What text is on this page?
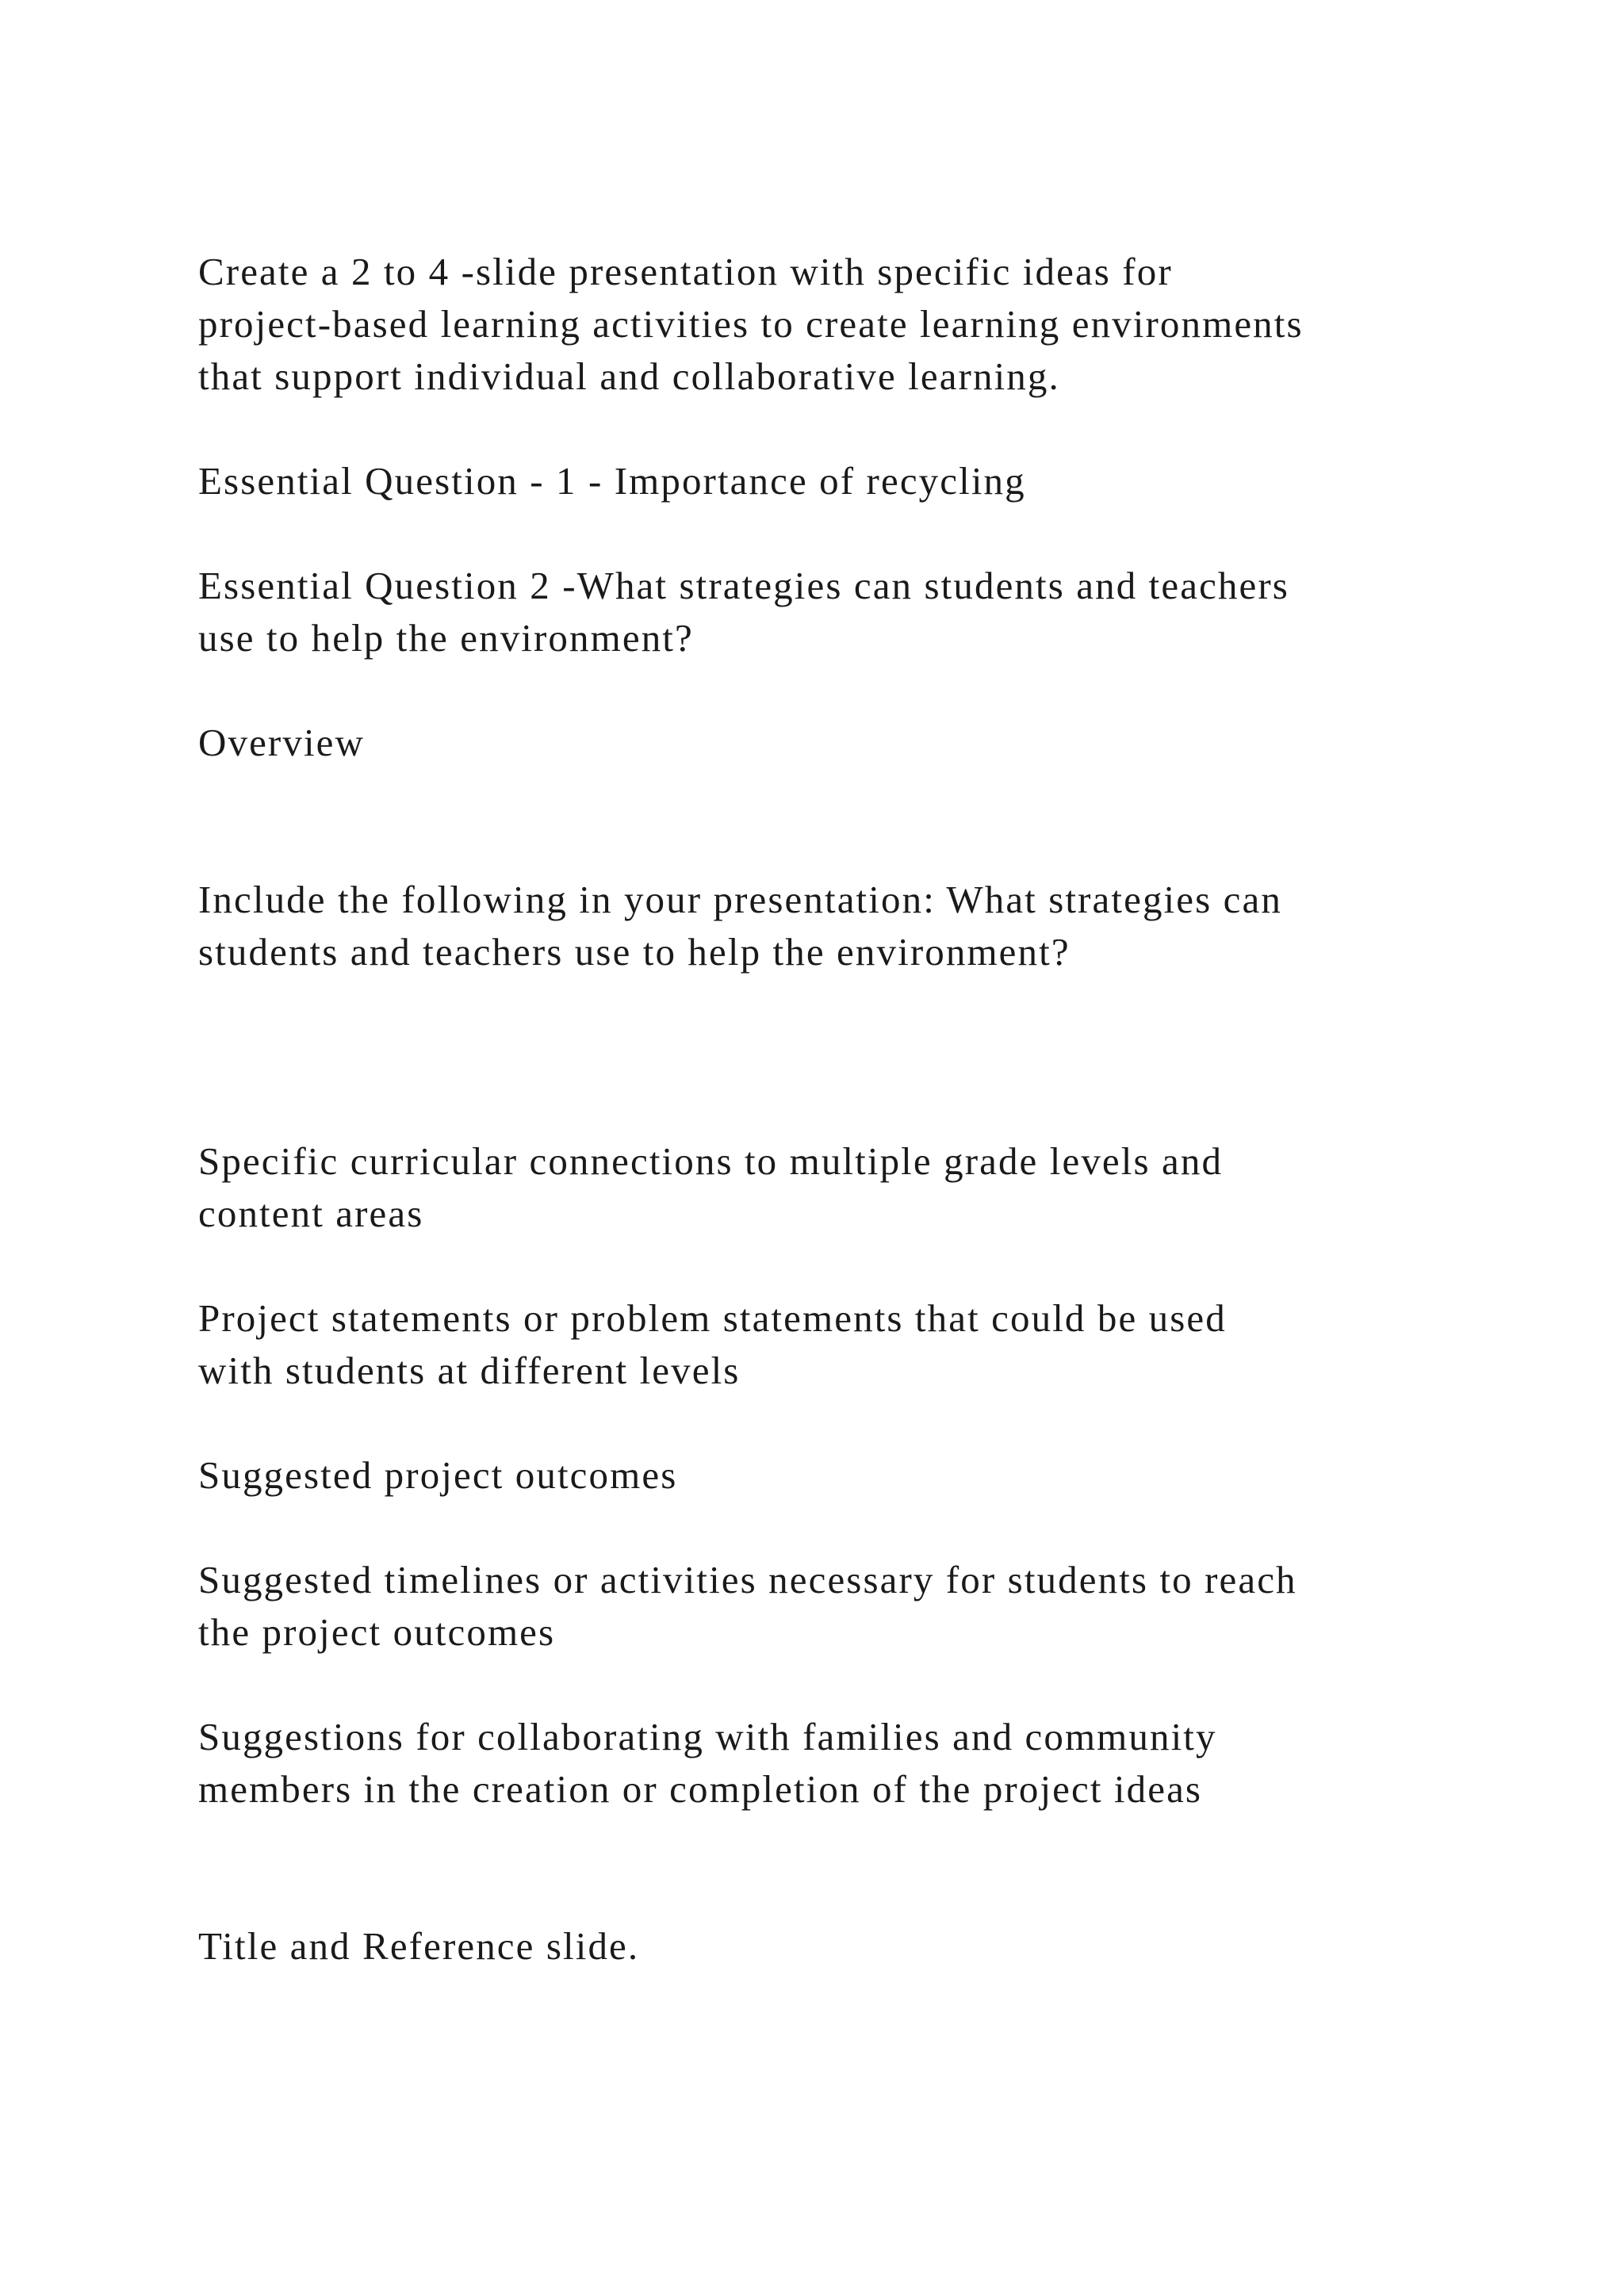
Create a 2 to 4 -slide presentation with specific ideas for
project-based learning activities to create learning environments
that support individual and collaborative learning.

Essential Question - 1 - Importance of recycling

Essential Question 2 -What strategies can students and teachers
use to help the environment?

Overview

Include the following in your presentation: What strategies can
students and teachers use to help the environment?

Specific curricular connections to multiple grade levels and
content areas

Project statements or problem statements that could be used
with students at different levels

Suggested project outcomes

Suggested timelines or activities necessary for students to reach
the project outcomes

Suggestions for collaborating with families and community
members in the creation or completion of the project ideas

Title and Reference slide.
